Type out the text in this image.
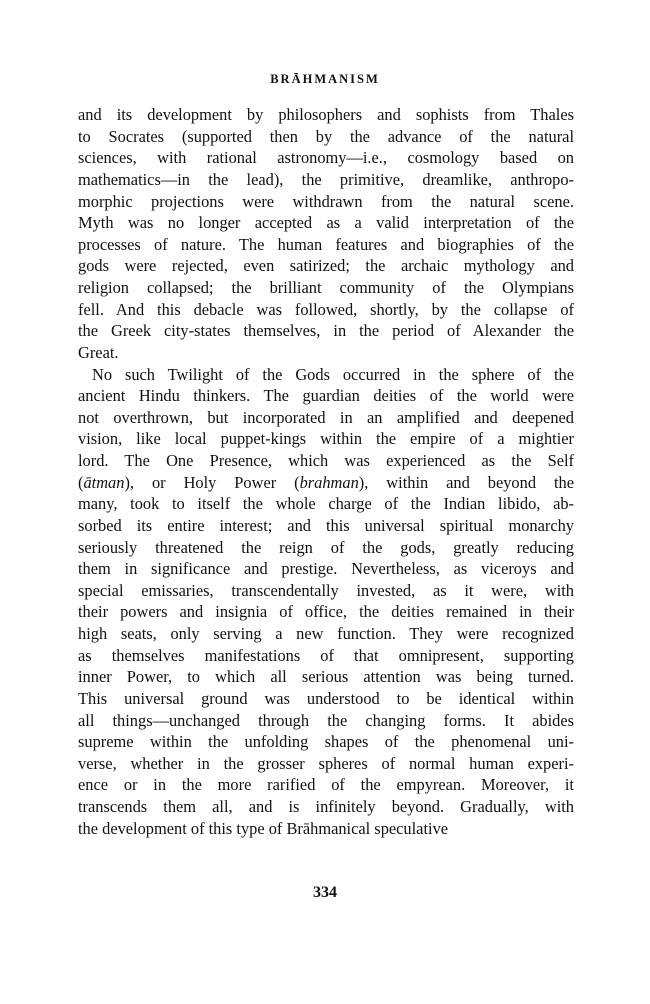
BRĀHMANISM
and its development by philosophers and sophists from Thales
to Socrates (supported then by the advance of the natural
sciences, with rational astronomy—i.e., cosmology based on
mathematics—in the lead), the primitive, dreamlike, anthropo-
morphic projections were withdrawn from the natural scene.
Myth was no longer accepted as a valid interpretation of the
processes of nature. The human features and biographies of the
gods were rejected, even satirized; the archaic mythology and
religion collapsed; the brilliant community of the Olympians
fell. And this debacle was followed, shortly, by the collapse of
the Greek city-states themselves, in the period of Alexander the
Great.
No such Twilight of the Gods occurred in the sphere of the
ancient Hindu thinkers. The guardian deities of the world were
not overthrown, but incorporated in an amplified and deepened
vision, like local puppet-kings within the empire of a mightier
lord. The One Presence, which was experienced as the Self
(ātman), or Holy Power (brahman), within and beyond the
many, took to itself the whole charge of the Indian libido, ab-
sorbed its entire interest; and this universal spiritual monarchy
seriously threatened the reign of the gods, greatly reducing
them in significance and prestige. Nevertheless, as viceroys and
special emissaries, transcendentally invested, as it were, with
their powers and insignia of office, the deities remained in their
high seats, only serving a new function. They were recognized
as themselves manifestations of that omnipresent, supporting
inner Power, to which all serious attention was being turned.
This universal ground was understood to be identical within
all things—unchanged through the changing forms. It abides
supreme within the unfolding shapes of the phenomenal uni-
verse, whether in the grosser spheres of normal human experi-
ence or in the more rarified of the empyrean. Moreover, it
transcends them all, and is infinitely beyond. Gradually, with
the development of this type of Brāhmanical speculative
334
